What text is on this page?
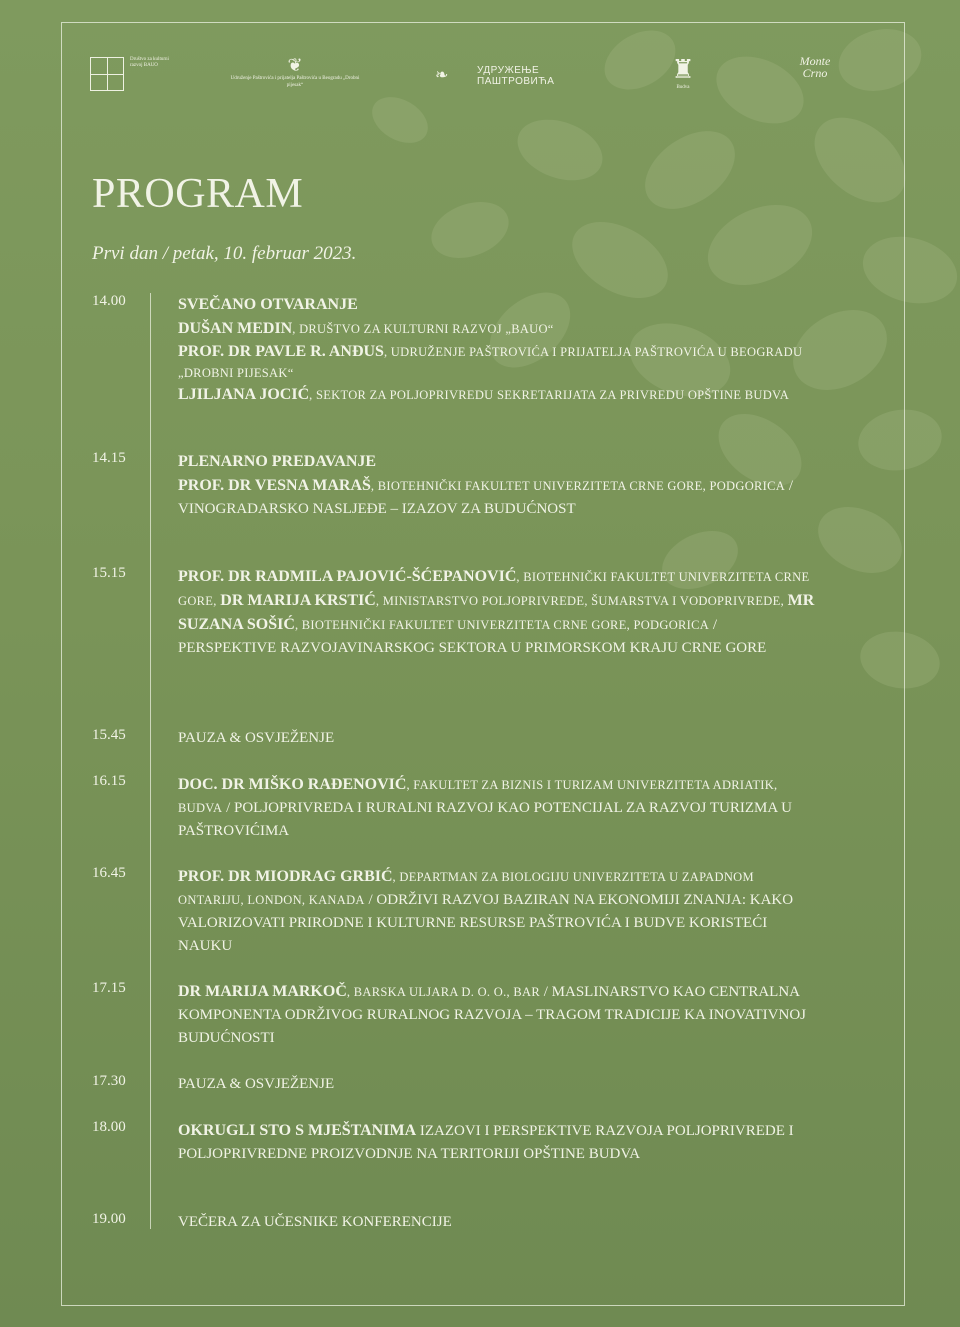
Društvo za kulturni razvoj BAUO	❦
Udruženje Paštrovića i prijatelja Paštrovića u Beogradu „Drobni pijesak“
❧	УДРУЖЕЊЕ
ПАШТРОВИЋА	♜
Budva
Monte
Crno
PROGRAM
Prvi dan / petak, 10. februar 2023.
14.00	SVEČANO OTVARANJE
DUŠAN MEDIN, DRUŠTVO ZA KULTURNI RAZVOJ „BAUO“
PROF. DR PAVLE R. ANĐUS, UDRUŽENJE PAŠTROVIĆA I PRIJATELJA PAŠTROVIĆA U BEOGRADU „DROBNI PIJESAK“
LJILJANA JOCIĆ, SEKTOR ZA POLJOPRIVREDU SEKRETARIJATA ZA PRIVREDU OPŠTINE BUDVA
14.15	PLENARNO PREDAVANJE
PROF. DR VESNA MARAŠ, BIOTEHNIČKI FAKULTET UNIVERZITETA CRNE GORE, PODGORICA / VINOGRADARSKO NASLJEĐE – IZAZOV ZA BUDUĆNOST
15.15	PROF. DR RADMILA PAJOVIĆ-ŠĆEPANOVIĆ, BIOTEHNIČKI FAKULTET UNIVERZITETA CRNE GORE, DR MARIJA KRSTIĆ, MINISTARSTVO POLJOPRIVREDE, ŠUMARSTVA I VODOPRIVREDE, MR SUZANA SOŠIĆ, BIOTEHNIČKI FAKULTET UNIVERZITETA CRNE GORE, PODGORICA / PERSPEKTIVE RAZVOJAVINARSKOG SEKTORA U PRIMORSKOM KRAJU CRNE GORE
15.45	PAUZA & OSVJEŽENJE
16.15	DOC. DR MIŠKO RAĐENOVIĆ, FAKULTET ZA BIZNIS I TURIZAM UNIVERZITETA ADRIATIK, BUDVA / POLJOPRIVREDA I RURALNI RAZVOJ KAO POTENCIJAL ZA RAZVOJ TURIZMA U PAŠTROVIĆIMA
16.45	PROF. DR MIODRAG GRBIĆ, DEPARTMAN ZA BIOLOGIJU UNIVERZITETA U ZAPADNOM ONTARIJU, LONDON, KANADA / ODRŽIVI RAZVOJ BAZIRAN NA EKONOMIJI ZNANJA: KAKO VALORIZOVATI PRIRODNE I KULTURNE RESURSE PAŠTROVIĆA I BUDVE KORISTEĆI NAUKU
17.15	DR MARIJA MARKOČ, BARSKA ULJARA D. O. O., BAR / MASLINARSTVO KAO CENTRALNA KOMPONENTA ODRŽIVOG RURALNOG RAZVOJA – TRAGOM TRADICIJE KA INOVATIVNOJ BUDUĆNOSTI
17.30	PAUZA & OSVJEŽENJE
18.00	OKRUGLI STO S MJEŠTANIMA IZAZOVI I PERSPEKTIVE RAZVOJA POLJOPRIVREDE I POLJOPRIVREDNE PROIZVODNJE NA TERITORIJI OPŠTINE BUDVA
19.00	VEČERA ZA UČESNIKE KONFERENCIJE
